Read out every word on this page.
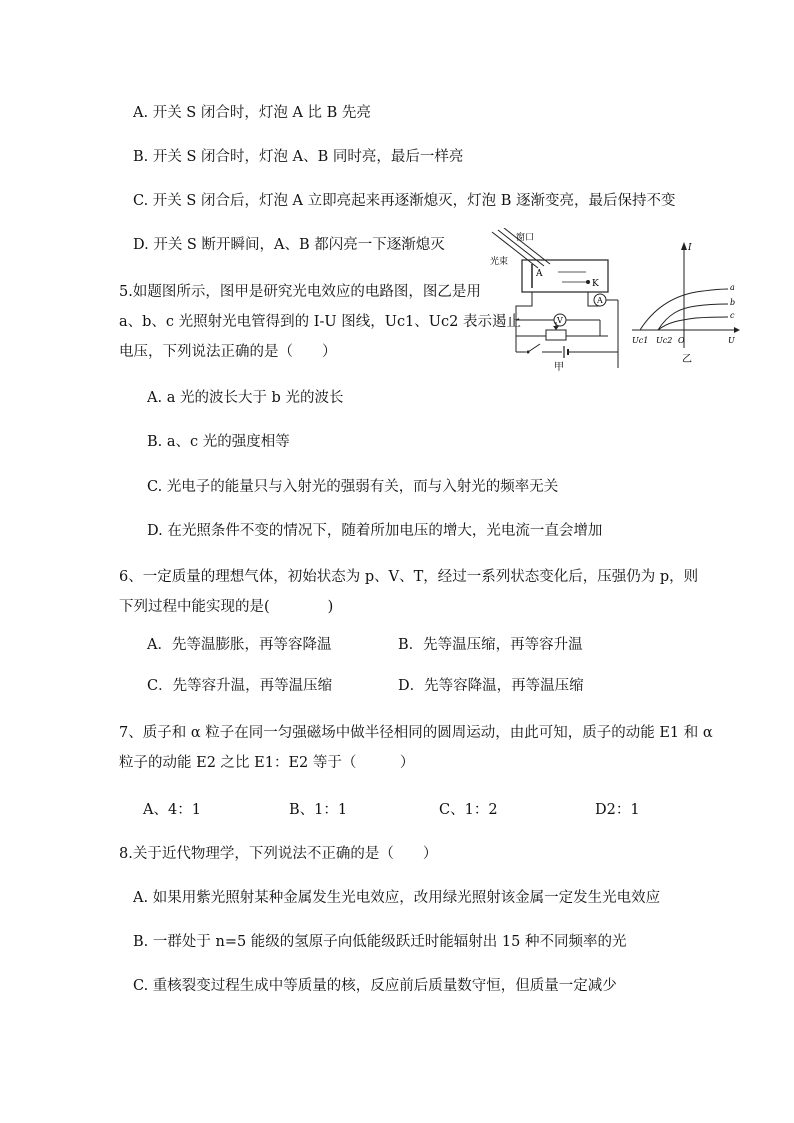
A. 开关 S 闭合时，灯泡 A 比 B 先亮
B. 开关 S 闭合时，灯泡 A、B 同时亮，最后一样亮
C. 开关 S 闭合后，灯泡 A 立即亮起来再逐渐熄灭，灯泡 B 逐渐变亮，最后保持不变
D. 开关 S 断开瞬间，A、B 都闪亮一下逐渐熄灭
5.如题图所示，图甲是研究光电效应的电路图，图乙是用
a、b、c 光照射光电管得到的 I-U 图线，Uc1、Uc2 表示遏止
电压，下列说法正确的是（　　）
窗口
光束
A
K
A
V
甲
I
a
b
c
Uc1 Uc2 O	U
乙
A. a 光的波长大于 b 光的波长
B. a、c 光的强度相等
C. 光电子的能量只与入射光的强弱有关，而与入射光的频率无关
D. 在光照条件不变的情况下，随着所加电压的增大，光电流一直会增加
6、一定质量的理想气体，初始状态为 p、V、T，经过一系列状态变化后，压强仍为 p，则
下列过程中能实现的是(　　　　)
A．先等温膨胀，再等容降温	B．先等温压缩，再等容升温
C．先等容升温，再等温压缩	D．先等容降温，再等温压缩
7、质子和 α 粒子在同一匀强磁场中做半径相同的圆周运动，由此可知，质子的动能 E1 和 α
粒子的动能 E2 之比 E1：E2 等于（　　　）
A、4：1	B、1：1	C、1：2	D2：1
8.关于近代物理学，下列说法不正确的是（　　）
A. 如果用紫光照射某种金属发生光电效应，改用绿光照射该金属一定发生光电效应
B. 一群处于 n=5 能级的氢原子向低能级跃迁时能辐射出 15 种不同频率的光
C. 重核裂变过程生成中等质量的核，反应前后质量数守恒，但质量一定减少
